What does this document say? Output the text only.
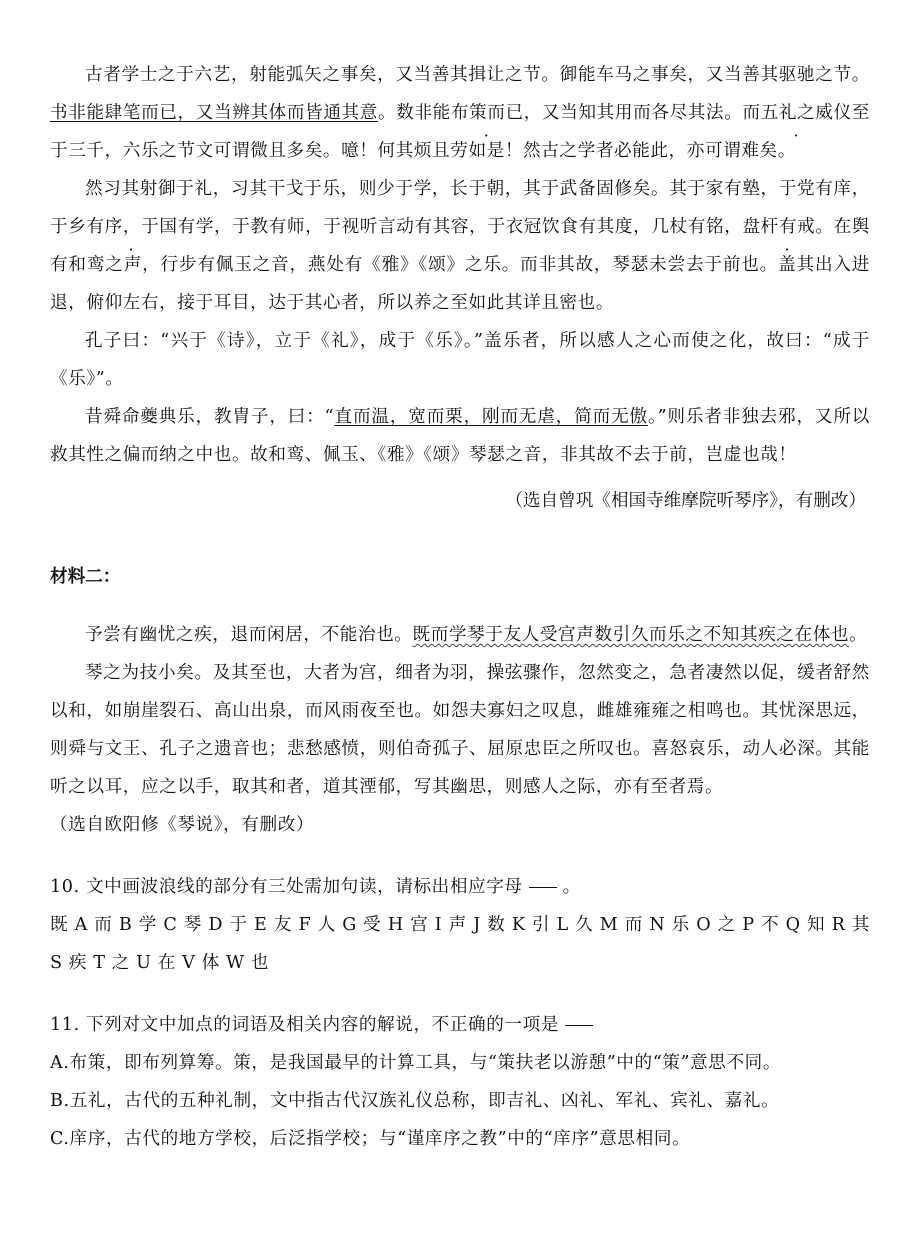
古者学士之于六艺，射能弧矢之事矣，又当善其揖让之节。御能车马之事矣，又当善其驱驰之节。书非能肆笔而已，又当辨其体而皆通其意。数非能布策而已，又当知其用而各尽其法。而五礼之威仪至于三千，六乐之节文可谓微且多矣。噫！何其烦且劳如是！然古之学者必能此，亦可谓难矣。

然习其射御于礼，习其干戈于乐，则少于学，长于朝，其于武备固修矣。其于家有塾，于党有庠，于乡有序，于国有学，于教有师，于视听言动有其容，于衣冠饮食有其度，几杖有铭，盘杆有戒。在舆有和鸾之声，行步有佩玉之音，燕处有《雅》《颂》之乐。而非其故，琴瑟未尝去于前也。盖其出入进退，俯仰左右，接于耳目，达于其心者，所以养之至如此其详且密也。

孔子曰：“兴于《诗》，立于《礼》，成于《乐》。”盖乐者，所以感人之心而使之化，故曰：“成于《乐》”。

昔舜命夔典乐，教胄子，曰：“直而温，宽而栗，刚而无虐，简而无傲。”则乐者非独去邪，又所以救其性之偏而纳之中也。故和鸾、佩玉、《雅》《颂》琴瑟之音，非其故不去于前，岂虚也哉！

（选自曾巩《相国寺维摩院听琴序》，有删改）

材料二：

予尝有幽忧之疾，退而闲居，不能治也。既而学琴于友人受宫声数引久而乐之不知其疾之在体也。

琴之为技小矣。及其至也，大者为宫，细者为羽，操弦骤作，忽然变之，急者凄然以促，缓者舒然以和，如崩崖裂石、高山出泉，而风雨夜至也。如怨夫寡妇之叹息，雌雄雍雍之相鸣也。其忧深思远，则舜与文王、孔子之遗音也；悲愁感愤，则伯奇孤子、屈原忠臣之所叹也。喜怒哀乐，动人必深。其能听之以耳，应之以手，取其和者，道其湮郁，写其幽思，则感人之际，亦有至者焉。

（选自欧阳修《琴说》，有删改）

10. 文中画波浪线的部分有三处需加句读，请标出相应字母 。

既 A 而 B 学 C 琴 D 于 E 友 F 人 G 受 H 宫 I 声 J 数 K 引 L 久 M 而 N 乐 O 之 P 不 Q 知 R 其 S 疾 T 之 U 在 V 体 W 也

11. 下列对文中加点的词语及相关内容的解说，不正确的一项是

A.布策，即布列算筹。策，是我国最早的计算工具，与“策扶老以游憩”中的“策”意思不同。

B.五礼，古代的五种礼制，文中指古代汉族礼仪总称，即吉礼、凶礼、军礼、宾礼、嘉礼。

C.庠序，古代的地方学校，后泛指学校；与“谨庠序之教”中的“庠序”意思相同。
